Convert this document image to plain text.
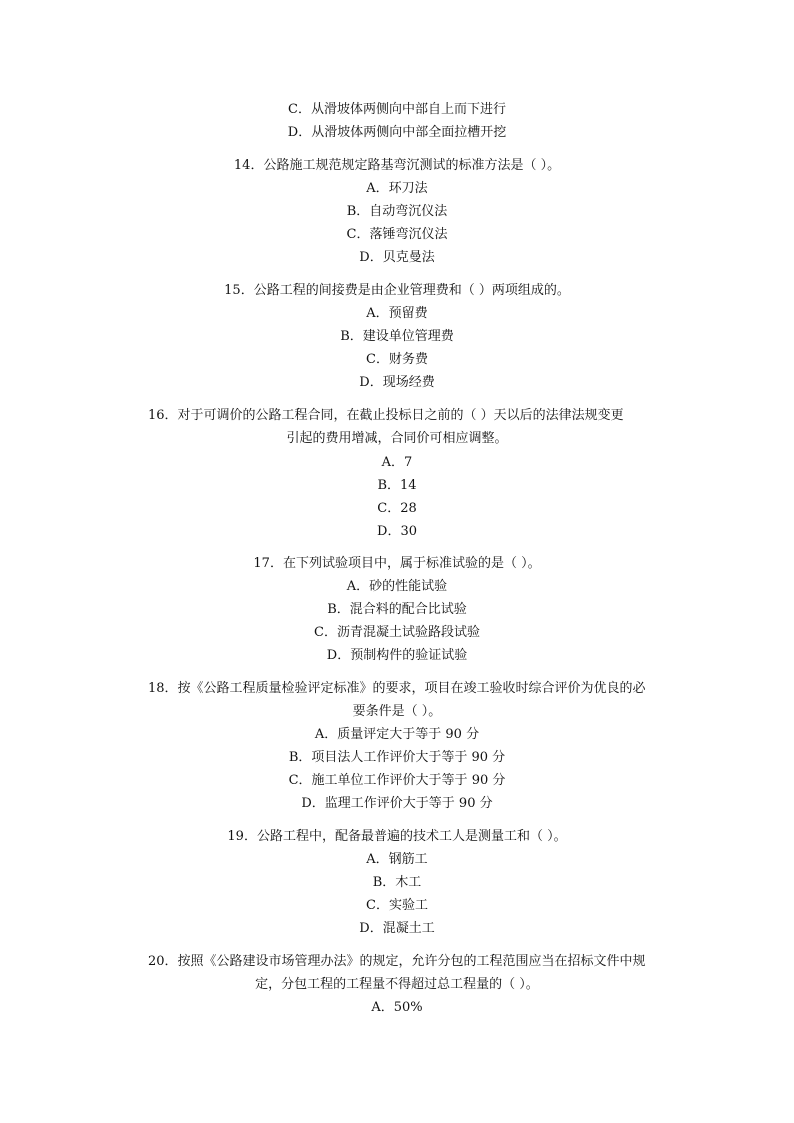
C．从滑坡体两侧向中部自上而下进行
D．从滑坡体两侧向中部全面拉槽开挖
14．公路施工规范规定路基弯沉测试的标准方法是（ ）。
A．环刀法
B．自动弯沉仪法
C．落锤弯沉仪法
D．贝克曼法
15．公路工程的间接费是由企业管理费和（ ）两项组成的。
A．预留费
B．建设单位管理费
C．财务费
D．现场经费
16．对于可调价的公路工程合同，在截止投标日之前的（ ）天以后的法律法规变更
引起的费用增减，合同价可相应调整。
A．7
B．14
C．28
D．30
17．在下列试验项目中，属于标准试验的是（ ）。
A．砂的性能试验
B．混合料的配合比试验
C．沥青混凝土试验路段试验
D．预制构件的验证试验
18．按《公路工程质量检验评定标准》的要求，项目在竣工验收时综合评价为优良的必
要条件是（ ）。
A．质量评定大于等于 90 分
B．项目法人工作评价大于等于 90 分
C．施工单位工作评价大于等于 90 分
D．监理工作评价大于等于 90 分
19．公路工程中，配备最普遍的技术工人是测量工和（ ）。
A．钢筋工
B．木工
C．实验工
D．混凝土工
20．按照《公路建设市场管理办法》的规定，允许分包的工程范围应当在招标文件中规
定，分包工程的工程量不得超过总工程量的（ ）。
A．50%
